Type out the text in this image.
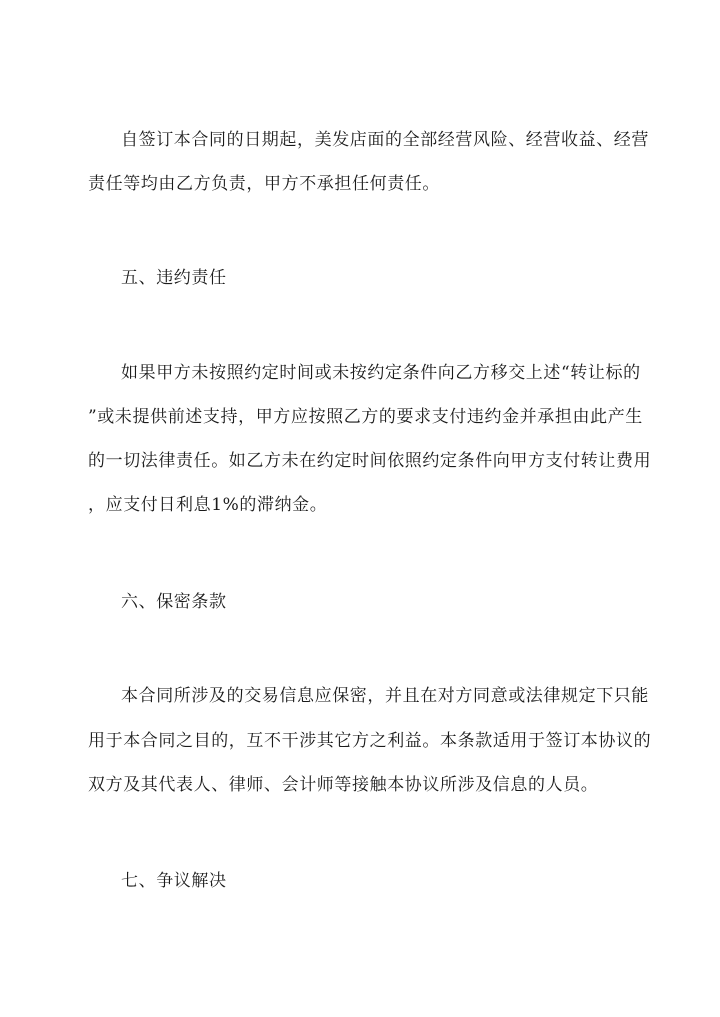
自签订本合同的日期起，美发店面的全部经营风险、经营收益、经营
责任等均由乙方负责，甲方不承担任何责任。
五、违约责任
如果甲方未按照约定时间或未按约定条件向乙方移交上述“转让标的
”或未提供前述支持，甲方应按照乙方的要求支付违约金并承担由此产生
的一切法律责任。如乙方未在约定时间依照约定条件向甲方支付转让费用
，应支付日利息1%的滞纳金。
六、保密条款
本合同所涉及的交易信息应保密，并且在对方同意或法律规定下只能
用于本合同之目的，互不干涉其它方之利益。本条款适用于签订本协议的
双方及其代表人、律师、会计师等接触本协议所涉及信息的人员。
七、争议解决
